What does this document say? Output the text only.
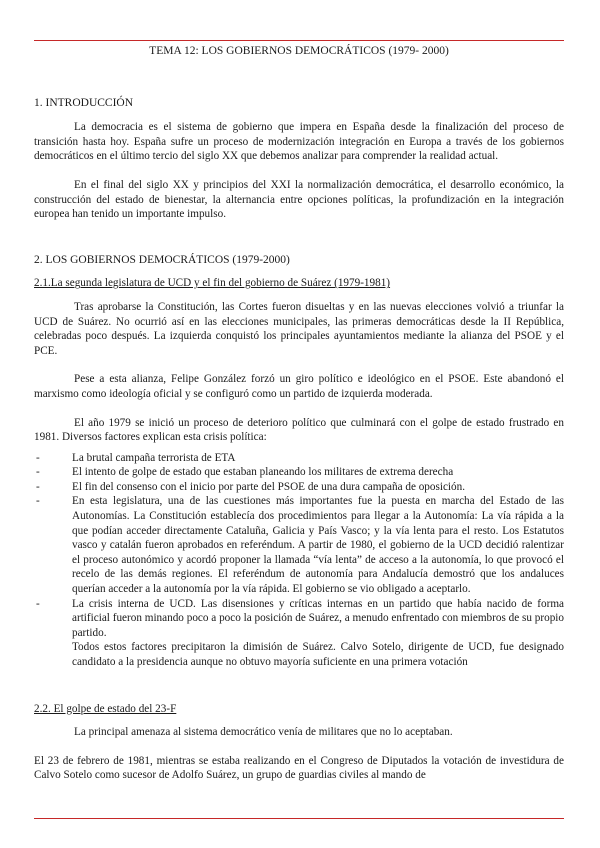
TEMA 12: LOS GOBIERNOS DEMOCRÁTICOS (1979- 2000)
1. INTRODUCCIÓN

La democracia es el sistema de gobierno que impera en España desde la finalización del proceso de transición hasta hoy. España sufre un proceso de modernización integración en Europa a través de los gobiernos democráticos en el último tercio del siglo XX que debemos analizar para comprender la realidad actual.

En el final del siglo XX y principios del XXI la normalización democrática, el desarrollo económico, la construcción del estado de bienestar, la alternancia entre opciones políticas, la profundización en la integración europea han tenido un importante impulso.

2. LOS GOBIERNOS DEMOCRÁTICOS (1979-2000)
2.1.La segunda legislatura de UCD y el fin del gobierno de Suárez (1979-1981)

Tras aprobarse la Constitución, las Cortes fueron disueltas y en las nuevas elecciones volvió a triunfar la UCD de Suárez. No ocurrió así en las elecciones municipales, las primeras democráticas desde la II República, celebradas poco después. La izquierda conquistó los principales ayuntamientos mediante la alianza del PSOE y el PCE.

Pese a esta alianza, Felipe González forzó un giro político e ideológico en el PSOE. Este abandonó el marxismo como ideología oficial y se configuró como un partido de izquierda moderada.

El año 1979 se inició un proceso de deterioro político que culminará con el golpe de estado frustrado en 1981. Diversos factores explican esta crisis política:

- La brutal campaña terrorista de ETA
- El intento de golpe de estado que estaban planeando los militares de extrema derecha
- El fin del consenso con el inicio por parte del PSOE de una dura campaña de oposición.
- En esta legislatura, una de las cuestiones más importantes fue la puesta en marcha del Estado de las Autonomías. La Constitución establecía dos procedimientos para llegar a la Autonomía: La vía rápida a la que podían acceder directamente Cataluña, Galicia y País Vasco; y la vía lenta para el resto. Los Estatutos vasco y catalán fueron aprobados en referéndum. A partir de 1980, el gobierno de la UCD decidió ralentizar el proceso autonómico y acordó proponer la llamada “vía lenta” de acceso a la autonomía, lo que provocó el recelo de las demás regiones. El referéndum de autonomía para Andalucía demostró que los andaluces querían acceder a la autonomía por la vía rápida. El gobierno se vio obligado a aceptarlo.
- La crisis interna de UCD. Las disensiones y críticas internas en un partido que había nacido de forma artificial fueron minando poco a poco la posición de Suárez, a menudo enfrentado con miembros de su propio partido.

Todos estos factores precipitaron la dimisión de Suárez. Calvo Sotelo, dirigente de UCD, fue designado candidato a la presidencia aunque no obtuvo mayoría suficiente en una primera votación

2.2. El golpe de estado del 23-F

La principal amenaza al sistema democrático venía de militares que no lo aceptaban.

El 23 de febrero de 1981, mientras se estaba realizando en el Congreso de Diputados la votación de investidura de Calvo Sotelo como sucesor de Adolfo Suárez, un grupo de guardias civiles al mando de
